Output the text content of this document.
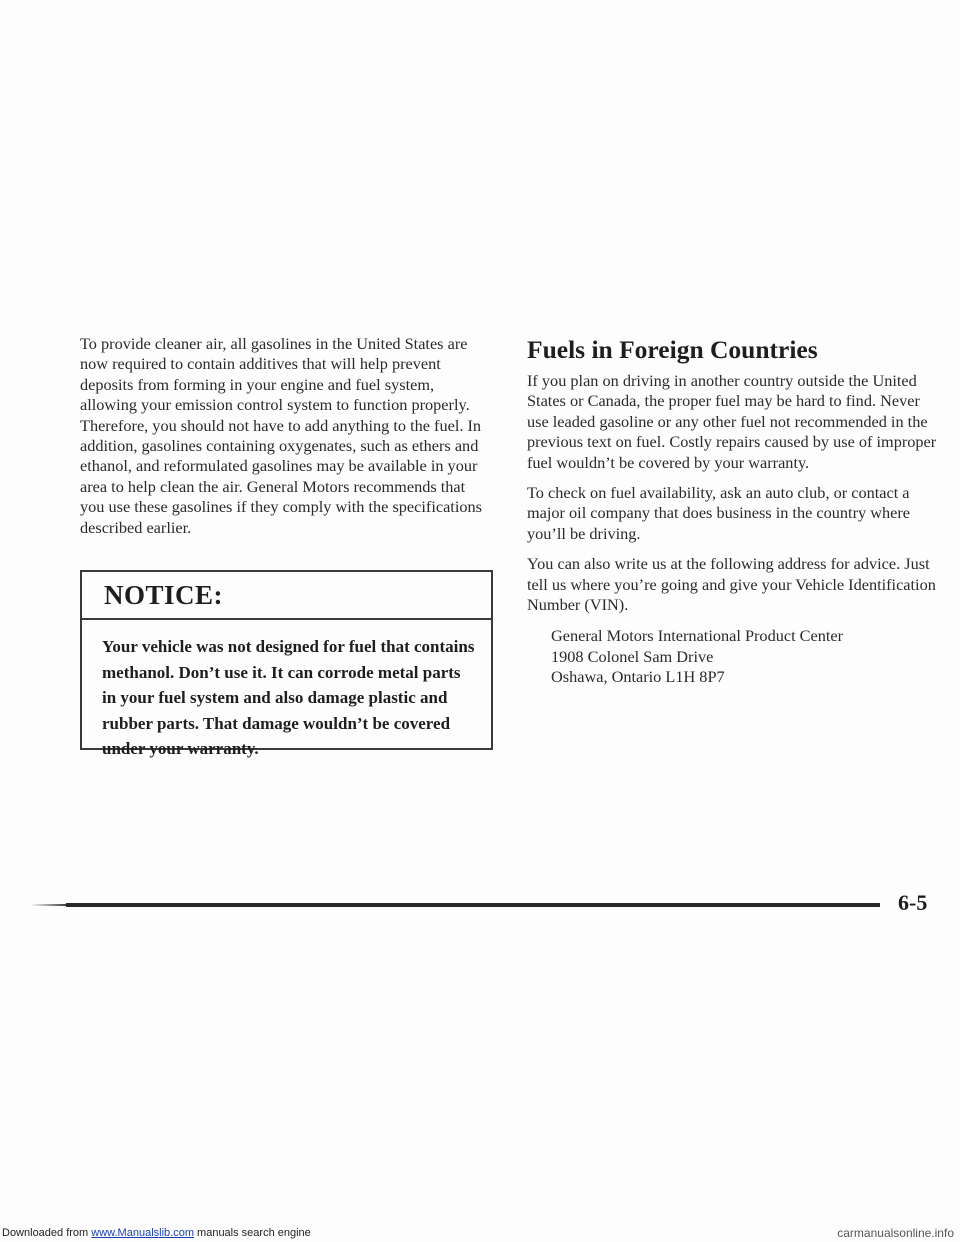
To provide cleaner air, all gasolines in the United States are now required to contain additives that will help prevent deposits from forming in your engine and fuel system, allowing your emission control system to function properly. Therefore, you should not have to add anything to the fuel. In addition, gasolines containing oxygenates, such as ethers and ethanol, and reformulated gasolines may be available in your area to help clean the air. General Motors recommends that you use these gasolines if they comply with the specifications described earlier.

NOTICE:
Your vehicle was not designed for fuel that contains methanol. Don’t use it. It can corrode metal parts in your fuel system and also damage plastic and rubber parts. That damage wouldn’t be covered under your warranty.
Fuels in Foreign Countries

If you plan on driving in another country outside the United States or Canada, the proper fuel may be hard to find. Never use leaded gasoline or any other fuel not recommended in the previous text on fuel. Costly repairs caused by use of improper fuel wouldn’t be covered by your warranty.

To check on fuel availability, ask an auto club, or contact a major oil company that does business in the country where you’ll be driving.

You can also write us at the following address for advice. Just tell us where you’re going and give your Vehicle Identification Number (VIN).

General Motors International Product Center
1908 Colonel Sam Drive
Oshawa, Ontario L1H 8P7
6-5
Downloaded from www.Manualslib.com manuals search engine	carmanualsonline.info
